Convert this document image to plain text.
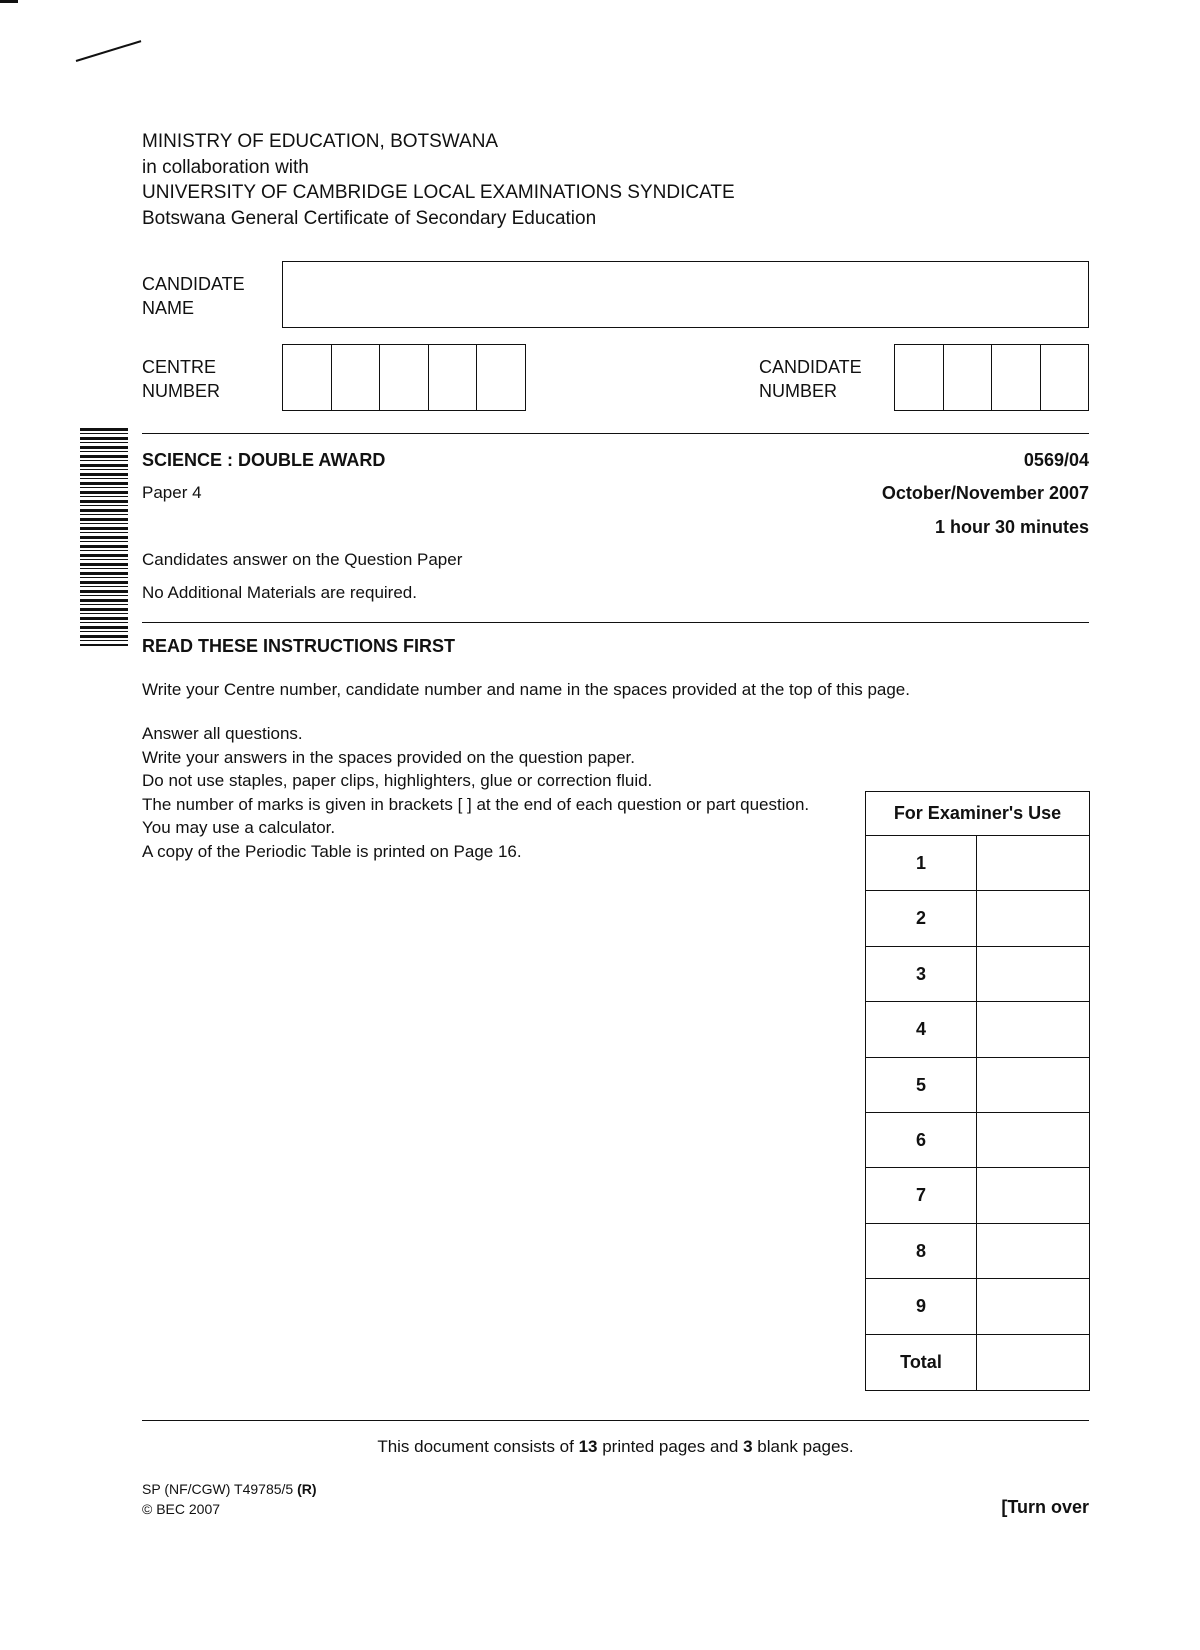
MINISTRY OF EDUCATION, BOTSWANA
in collaboration with
UNIVERSITY OF CAMBRIDGE LOCAL EXAMINATIONS SYNDICATE
Botswana General Certificate of Secondary Education
CANDIDATE
NAME
CENTRE
NUMBER
CANDIDATE
NUMBER
SCIENCE : DOUBLE AWARD	0569/04
Paper 4	October/November 2007
1 hour 30 minutes
Candidates answer on the Question Paper
No Additional Materials are required.
READ THESE INSTRUCTIONS FIRST
Write your Centre number, candidate number and name in the spaces provided at the top of this page.
Answer all questions.
Write your answers in the spaces provided on the question paper.
Do not use staples, paper clips, highlighters, glue or correction fluid.
The number of marks is given in brackets [ ] at the end of each question or part question.
You may use a calculator.
A copy of the Periodic Table is printed on Page 16.
For Examiner's Use
1
2
3
4
5
6
7
8
9
Total
This document consists of 13 printed pages and 3 blank pages.
SP (NF/CGW) T49785/5 (R)
© BEC 2007	[Turn over
